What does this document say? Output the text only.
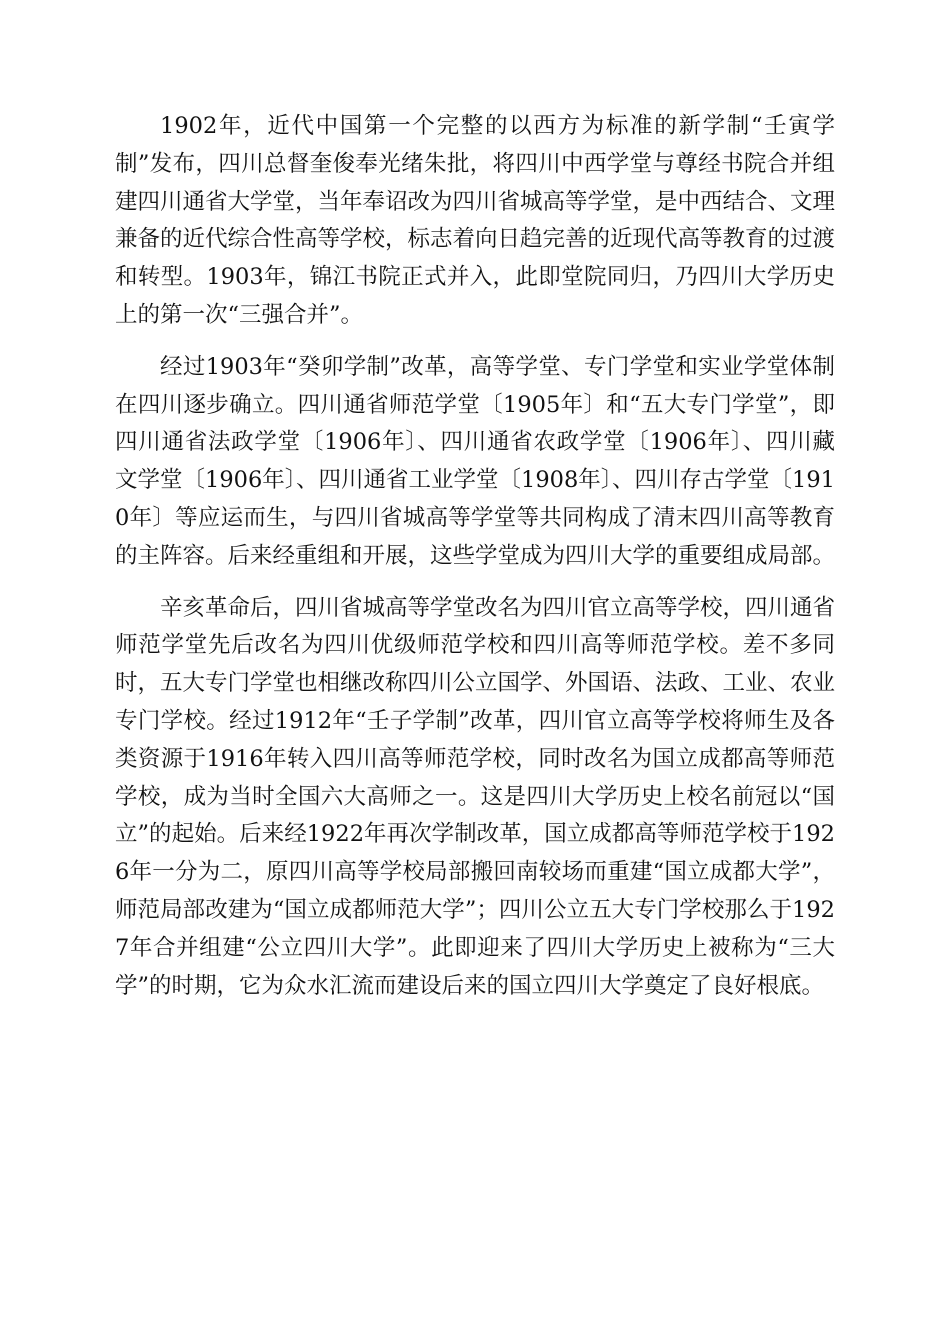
1902年，近代中国第一个完整的以西方为标准的新学制“壬寅学制”发布，四川总督奎俊奉光绪朱批，将四川中西学堂与尊经书院合并组建四川通省大学堂，当年奉诏改为四川省城高等学堂，是中西结合、文理兼备的近代综合性高等学校，标志着向日趋完善的近现代高等教育的过渡和转型。1903年，锦江书院正式并入，此即堂院同归，乃四川大学历史上的第一次“三强合并”。

经过1903年“癸卯学制”改革，高等学堂、专门学堂和实业学堂体制在四川逐步确立。四川通省师范学堂〔1905年〕和“五大专门学堂”，即四川通省法政学堂〔1906年〕、四川通省农政学堂〔1906年〕、四川藏文学堂〔1906年〕、四川通省工业学堂〔1908年〕、四川存古学堂〔1910年〕等应运而生，与四川省城高等学堂等共同构成了清末四川高等教育的主阵容。后来经重组和开展，这些学堂成为四川大学的重要组成局部。

辛亥革命后，四川省城高等学堂改名为四川官立高等学校，四川通省师范学堂先后改名为四川优级师范学校和四川高等师范学校。差不多同时，五大专门学堂也相继改称四川公立国学、外国语、法政、工业、农业专门学校。经过1912年“壬子学制”改革，四川官立高等学校将师生及各类资源于1916年转入四川高等师范学校，同时改名为国立成都高等师范学校，成为当时全国六大高师之一。这是四川大学历史上校名前冠以“国立”的起始。后来经1922年再次学制改革，国立成都高等师范学校于1926年一分为二，原四川高等学校局部搬回南较场而重建“国立成都大学”，师范局部改建为“国立成都师范大学”；四川公立五大专门学校那么于1927年合并组建“公立四川大学”。此即迎来了四川大学历史上被称为“三大学”的时期，它为众水汇流而建设后来的国立四川大学奠定了良好根底。
